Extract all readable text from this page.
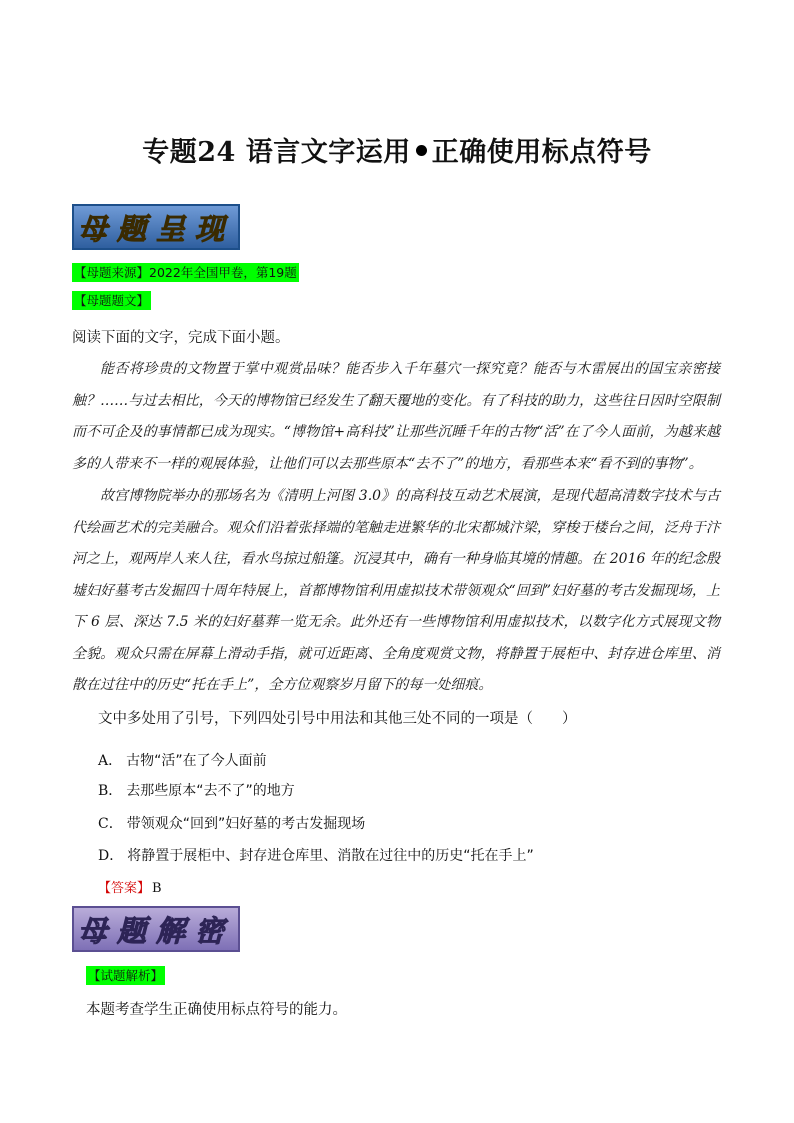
专题24 语言文字运用 正确使用标点符号
母题呈现
【母题来源】2022年全国甲卷，第19题
【母题题文】
阅读下面的文字，完成下面小题。

能否将珍贵的文物置于掌中观赏品味？能否步入千年墓穴一探究竟？能否与木雷展出的国宝亲密接触？……与过去相比，今天的博物馆已经发生了翻天覆地的变化。有了科技的助力，这些往日因时空限制而不可企及的事情都已成为现实。“博物馆+高科技”让那些沉睡千年的古物“活”在了今人面前，为越来越多的人带来不一样的观展体验，让他们可以去那些原本“去不了”的地方，看那些本来“看不到的事物”。

故宫博物院举办的那场名为《清明上河图 3.0》的高科技互动艺术展演，是现代超高清数字技术与古代绘画艺术的完美融合。观众们沿着张择端的笔触走进繁华的北宋都城汴梁，穿梭于楼台之间，泛舟于汴河之上，观两岸人来人往，看水鸟掠过船篷。沉浸其中，确有一种身临其境的情趣。在 2016 年的纪念殷墟妇好墓考古发掘四十周年特展上，首都博物馆利用虚拟技术带领观众“回到”妇好墓的考古发掘现场，上下 6 层、深达 7.5 米的妇好墓葬一览无余。此外还有一些博物馆利用虚拟技术，以数字化方式展现文物全貌。观众只需在屏幕上滑动手指，就可近距离、全角度观赏文物，将静置于展柜中、封存进仓库里、消散在过往中的历史“托在手上”，全方位观察岁月留下的每一处细痕。

文中多处用了引号，下列四处引号中用法和其他三处不同的一项是（　　）
A． 古物“活”在了今人面前
B． 去那些原本“去不了”的地方
C． 带领观众“回到”妇好墓的考古发掘现场
D． 将静置于展柜中、封存进仓库里、消散在过往中的历史“托在手上”
【答案】 B
母题解密
【试题解析】
本题考查学生正确使用标点符号的能力。
